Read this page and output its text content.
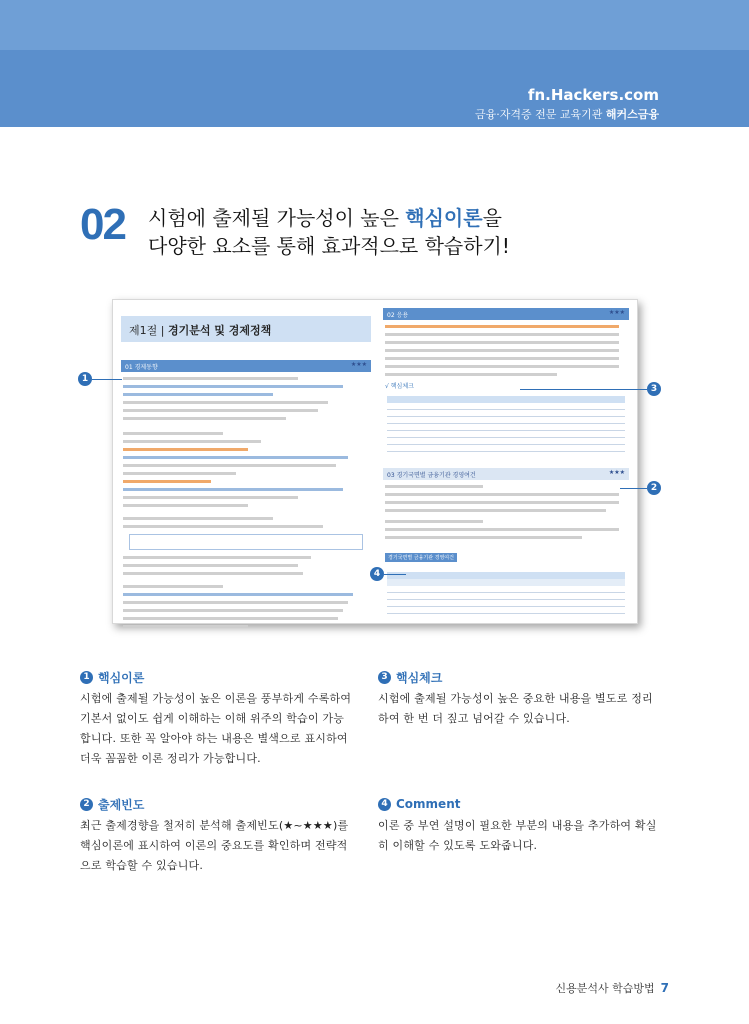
fn.Hackers.com
금융·자격증 전문 교육기관 해커스금융
02 시험에 출제될 가능성이 높은 핵심이론을
다양한 요소를 통해 효과적으로 학습하기!
제1절 | 경기분석 및 경제정책
01 경제동향	★★★
02 응용	★★★
√ 핵심체크
03 경기국면별 금융기관 경영여건	★★★
경기국면별 금융기관 경영여건
1
3
2
4
1 핵심이론

시험에 출제될 가능성이 높은 이론을 풍부하게 수록하여
기본서 없이도 쉽게 이해하는 이해 위주의 학습이 가능
합니다. 또한 꼭 알아야 하는 내용은 별색으로 표시하여
더욱 꼼꼼한 이론 정리가 가능합니다.

2 출제빈도

최근 출제경향을 철저히 분석해 출제빈도(★~★★★)를
핵심이론에 표시하여 이론의 중요도를 확인하며 전략적
으로 학습할 수 있습니다.

3 핵심체크

시험에 출제될 가능성이 높은 중요한 내용을 별도로 정리
하여 한 번 더 짚고 넘어갈 수 있습니다.

4 Comment

이론 중 부연 설명이 필요한 부분의 내용을 추가하여 확실
히 이해할 수 있도록 도와줍니다.

신용분석사 학습방법 7
